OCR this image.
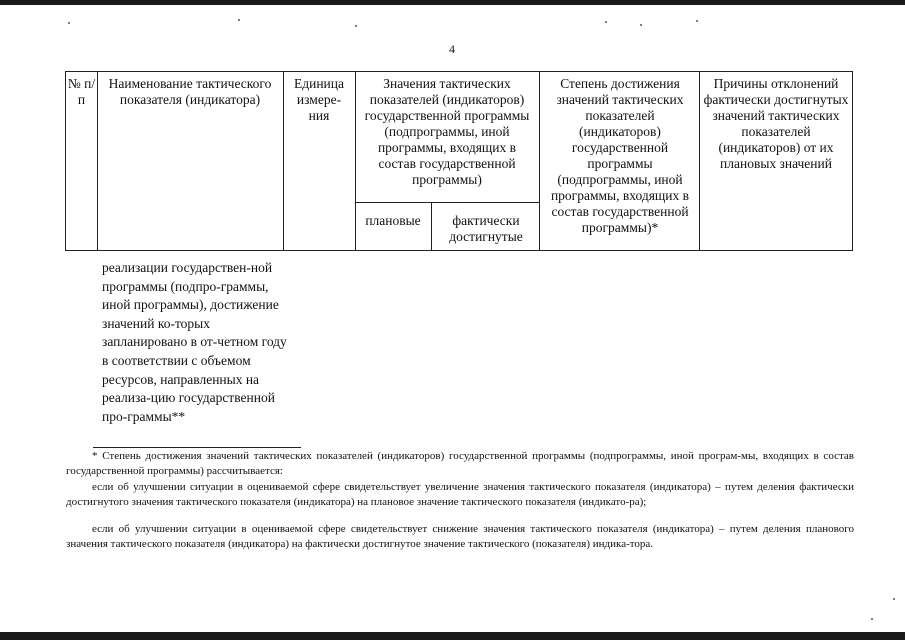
4
№ п/п
Наименование тактического показателя (индикатора)
Единица измере-ния
Значения тактических показателей (индикаторов) государственной программы (подпрограммы, иной программы, входящих в состав государственной программы)
плановые	фактически достигнутые
Степень достижения значений тактических показателей (индикаторов) государственной программы (подпрограммы, иной программы, входящих в состав государственной программы)*
Причины отклонений фактически достигнутых значений тактических показателей (индикаторов) от их плановых значений
реализации государствен-ной программы (подпро-граммы, иной программы), достижение значений ко-торых запланировано в от-четном году в соответствии с объемом ресурсов, направленных на реализа-цию государственной про-граммы**
* Степень достижения значений тактических показателей (индикаторов) государственной программы (подпрограммы, иной програм-мы, входящих в состав государственной программы) рассчитывается:
если об улучшении ситуации в оцениваемой сфере свидетельствует увеличение значения тактического показателя (индикатора) – путем деления фактически достигнутого значения тактического показателя (индикатора) на плановое значение тактического показателя (индикато-ра);
если об улучшении ситуации в оцениваемой сфере свидетельствует снижение значения тактического показателя (индикатора) – путем деления планового значения тактического показателя (индикатора) на фактически достигнутое значение тактического (показателя) индика-тора.
